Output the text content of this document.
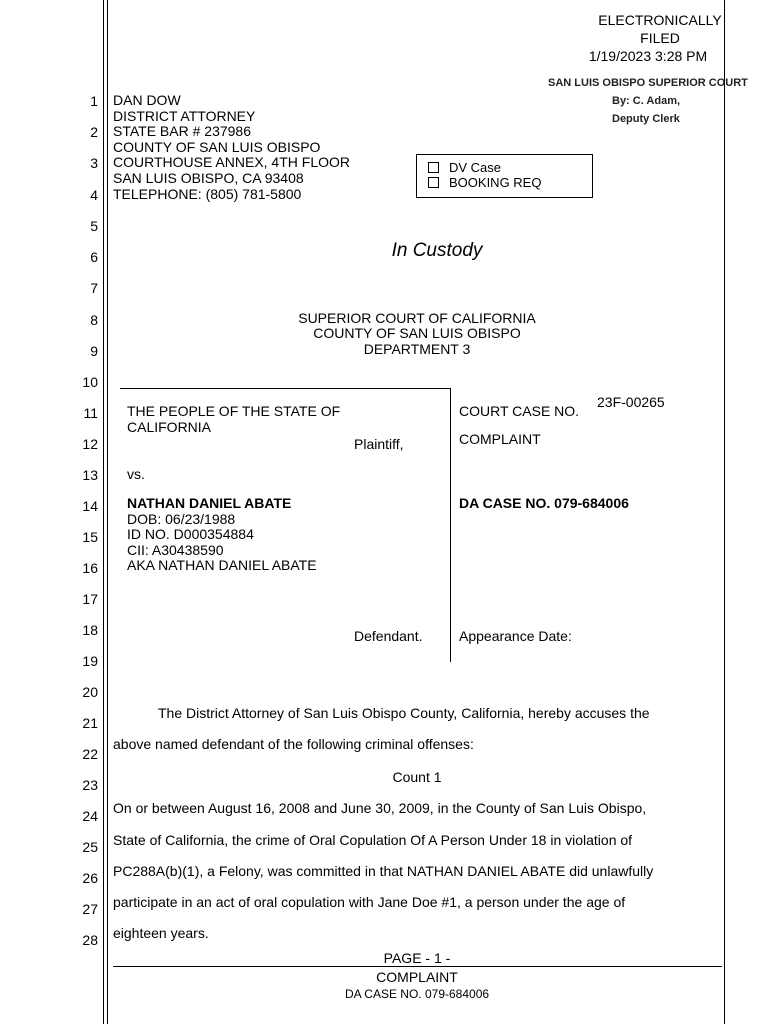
ELECTRONICALLY
FILED
1/19/2023 3:28 PM
SAN LUIS OBISPO SUPERIOR COURT
By: C. Adam,
Deputy Clerk
DAN DOW
DISTRICT ATTORNEY
STATE BAR # 237986
COUNTY OF SAN LUIS OBISPO
COURTHOUSE ANNEX, 4TH FLOOR
SAN LUIS OBISPO, CA 93408
TELEPHONE: (805) 781-5800
DV Case
BOOKING REQ
In Custody
SUPERIOR COURT OF CALIFORNIA
COUNTY OF SAN LUIS OBISPO
DEPARTMENT 3
THE PEOPLE OF THE STATE OF
CALIFORNIA
Plaintiff,
vs.
NATHAN DANIEL ABATE
DOB: 06/23/1988
ID NO. D000354884
CII: A30438590
AKA NATHAN DANIEL ABATE
Defendant.
COURT CASE NO.
23F-00265
COMPLAINT
DA CASE NO. 079-684006
Appearance Date:
The District Attorney of San Luis Obispo County, California, hereby accuses the
above named defendant of the following criminal offenses:
Count 1
On or between August 16, 2008 and June 30, 2009, in the County of San Luis Obispo,
State of California, the crime of Oral Copulation Of A Person Under 18 in violation of
PC288A(b)(1), a Felony, was committed in that NATHAN DANIEL ABATE did unlawfully
participate in an act of oral copulation with Jane Doe #1, a person under the age of
eighteen years.
1
2
3
4
5
6
7
8
9
10
11
12
13
14
15
16
17
18
19
20
21
22
23
24
25
26
27
28
PAGE - 1 -
COMPLAINT
DA CASE NO. 079-684006
